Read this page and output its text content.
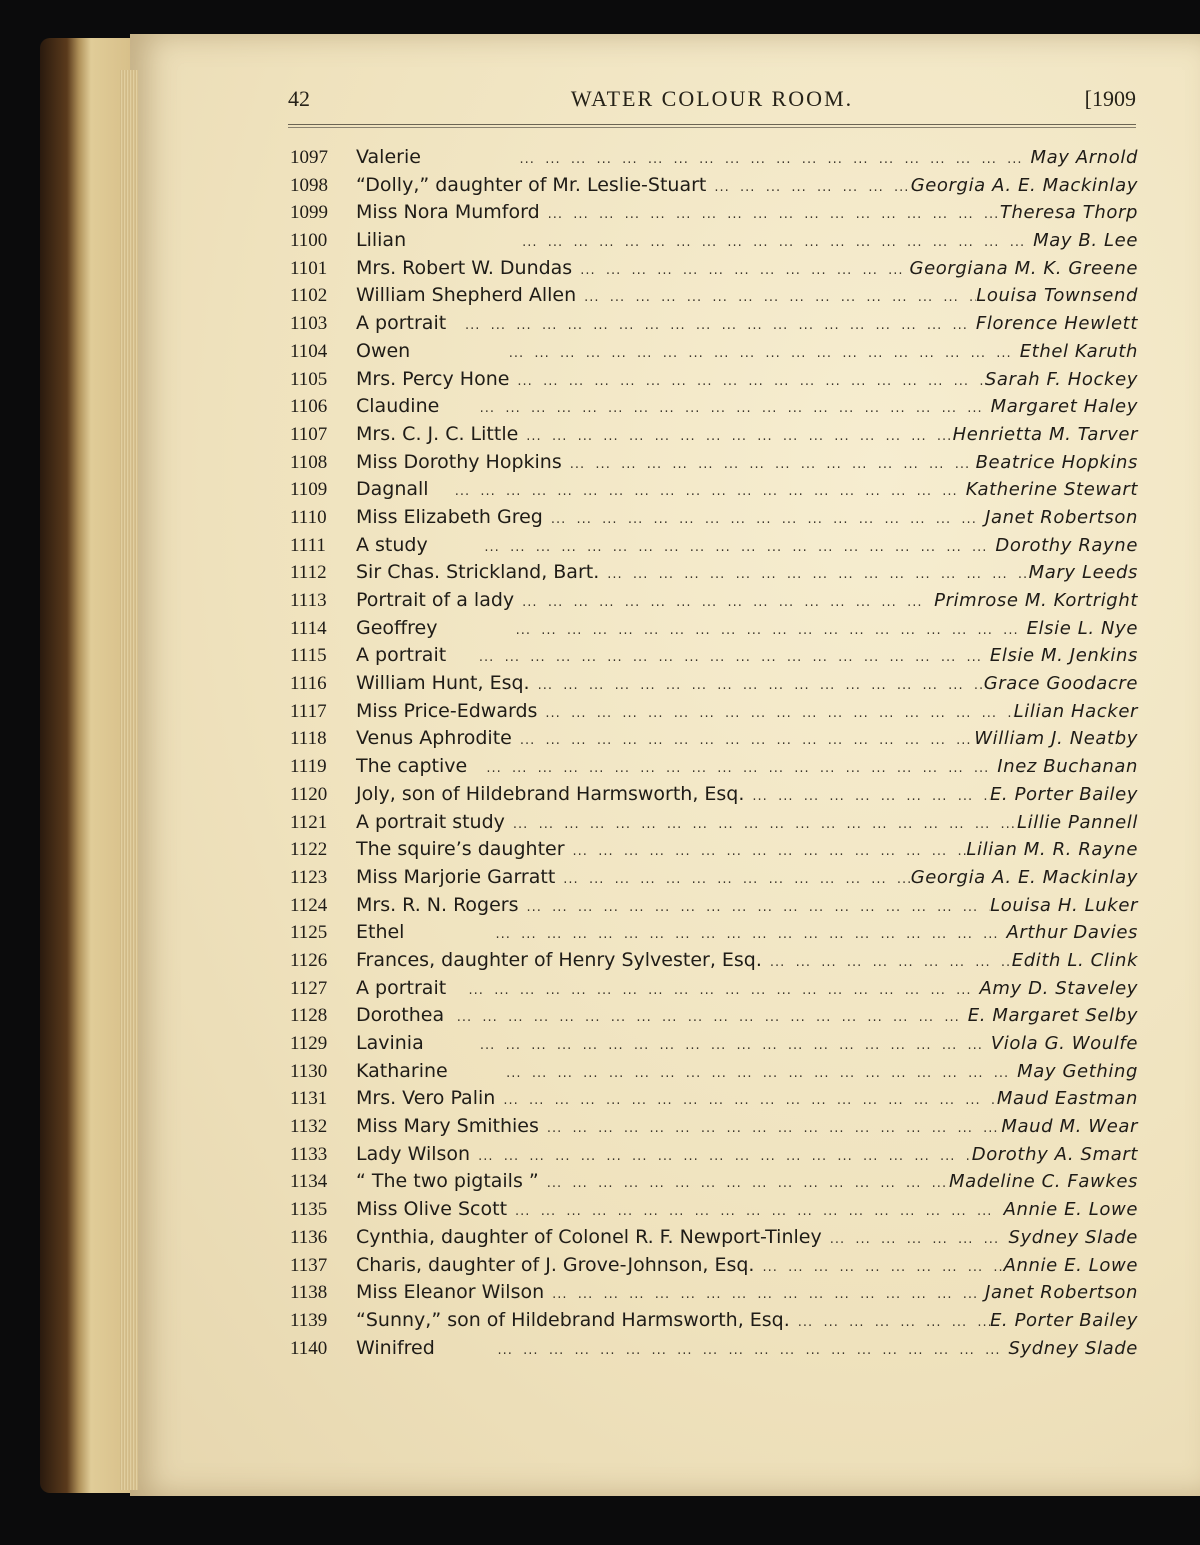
42	WATER COLOUR ROOM.	[1909
1097	Valerie ...	May Arnold
1098	“Dolly,” daughter of Mr. Leslie-Stuart ...	Georgia A. E. Mackinlay
1099	Miss Nora Mumford ...	Theresa Thorp
1100	Lilian ...	May B. Lee
1101	Mrs. Robert W. Dundas ...	Georgiana M. K. Greene
1102	William Shepherd Allen ...	Louisa Townsend
1103	A portrait ...	Florence Hewlett
1104	Owen ...	Ethel Karuth
1105	Mrs. Percy Hone ...	Sarah F. Hockey
1106	Claudine ...	Margaret Haley
1107	Mrs. C. J. C. Little ...	Henrietta M. Tarver
1108	Miss Dorothy Hopkins ...	Beatrice Hopkins
1109	Dagnall ...	Katherine Stewart
1110	Miss Elizabeth Greg ...	Janet Robertson
1111	A study ...	Dorothy Rayne
1112	Sir Chas. Strickland, Bart. ...	Mary Leeds
1113	Portrait of a lady ...	Primrose M. Kortright
1114	Geoffrey ...	Elsie L. Nye
1115	A portrait ...	Elsie M. Jenkins
1116	William Hunt, Esq. ...	Grace Goodacre
1117	Miss Price-Edwards ...	Lilian Hacker
1118	Venus Aphrodite ...	William J. Neatby
1119	The captive ...	Inez Buchanan
1120	Joly, son of Hildebrand Harmsworth, Esq. ...	E. Porter Bailey
1121	A portrait study ...	Lillie Pannell
1122	The squire’s daughter ...	Lilian M. R. Rayne
1123	Miss Marjorie Garratt ...	Georgia A. E. Mackinlay
1124	Mrs. R. N. Rogers ...	Louisa H. Luker
1125	Ethel ...	Arthur Davies
1126	Frances, daughter of Henry Sylvester, Esq. ...	Edith L. Clink
1127	A portrait ...	Amy D. Staveley
1128	Dorothea ...	E. Margaret Selby
1129	Lavinia ...	Viola G. Woulfe
1130	Katharine ...	May Gething
1131	Mrs. Vero Palin ...	Maud Eastman
1132	Miss Mary Smithies ...	Maud M. Wear
1133	Lady Wilson ...	Dorothy A. Smart
1134	“ The two pigtails ” ...	Madeline C. Fawkes
1135	Miss Olive Scott ...	Annie E. Lowe
1136	Cynthia, daughter of Colonel R. F. Newport-Tinley ...	Sydney Slade
1137	Charis, daughter of J. Grove-Johnson, Esq. ...	Annie E. Lowe
1138	Miss Eleanor Wilson ...	Janet Robertson
1139	“Sunny,” son of Hildebrand Harmsworth, Esq. ...	E. Porter Bailey
1140	Winifred ...	Sydney Slade
